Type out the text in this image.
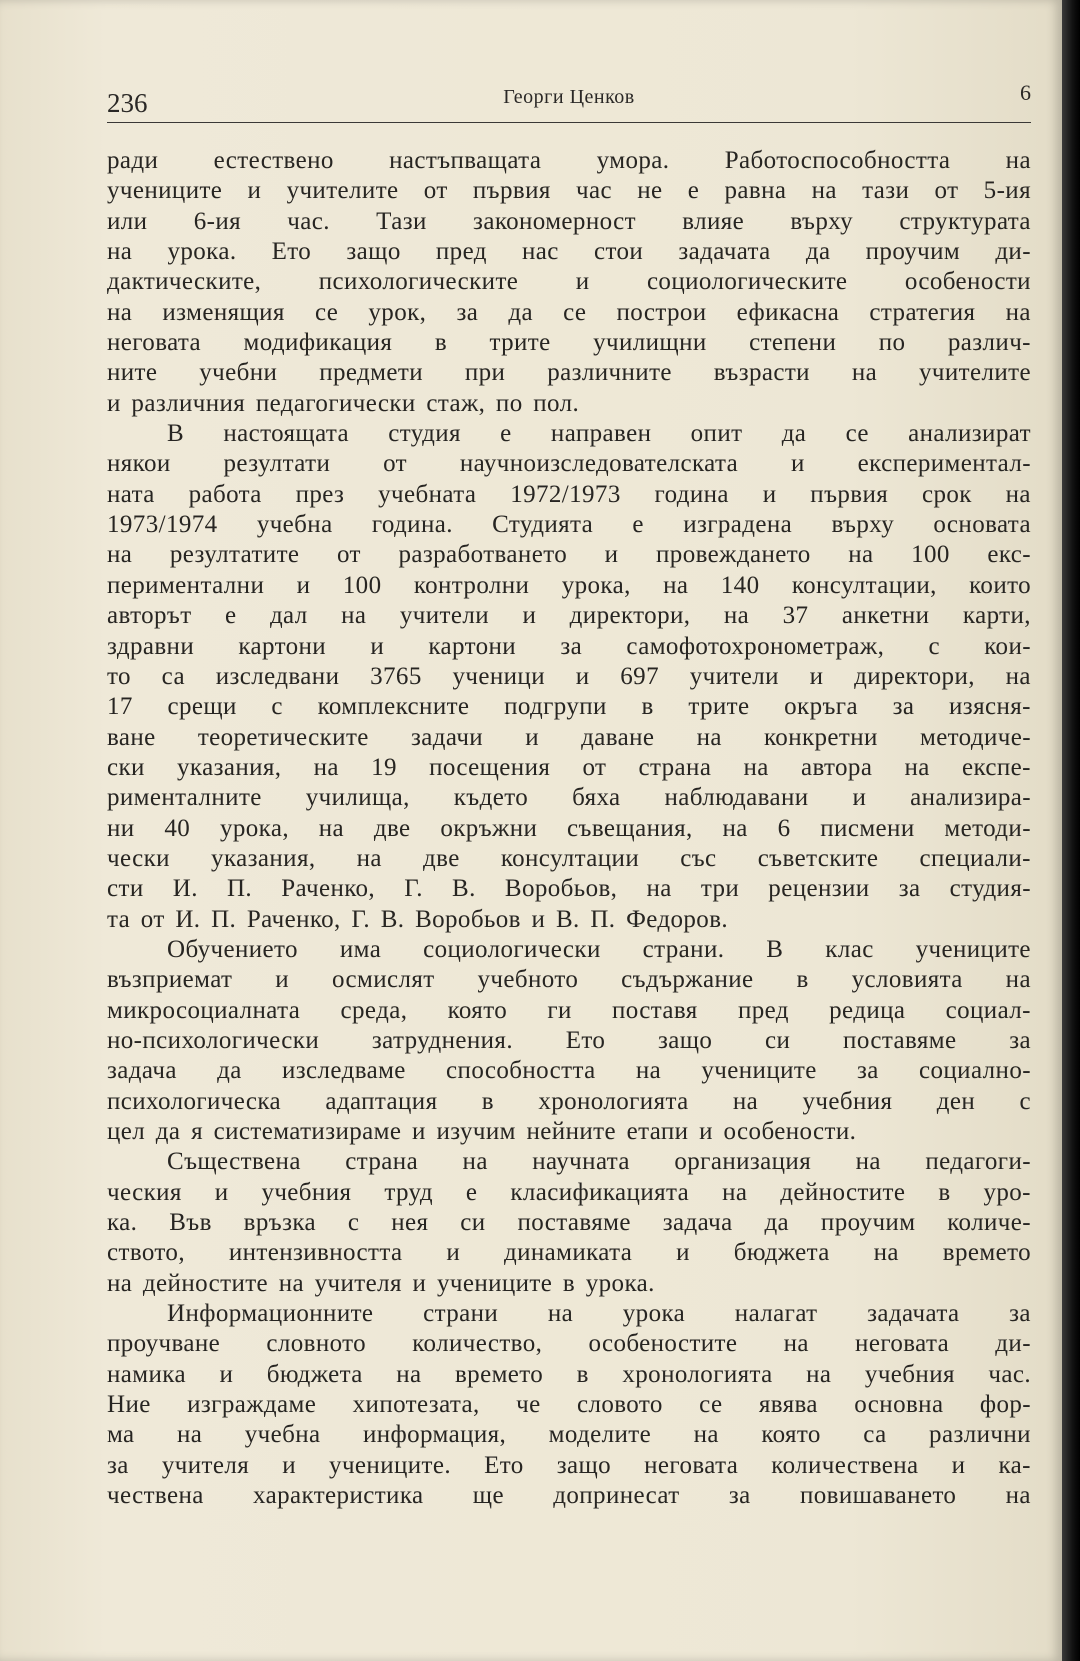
236	Георги Ценков	6
ради естествено настъпващата умора. Работоспособността на
учениците и учителите от първия час не е равна на тази от 5-ия
или 6-ия час. Тази закономерност влияе върху структурата
на урока. Ето защо пред нас стои задачата да проучим ди-
дактическите, психологическите и социологическите особености
на изменящия се урок, за да се построи ефикасна стратегия на
неговата модификация в трите училищни степени по различ-
ните учебни предмети при различните възрасти на учителите
и различния педагогически стаж, по пол.
В настоящата студия е направен опит да се анализират
някои резултати от научноизследователската и експериментал-
ната работа през учебната 1972/1973 година и първия срок на
1973/1974 учебна година. Студията е изградена върху основата
на резултатите от разработването и провеждането на 100 екс-
периментални и 100 контролни урока, на 140 консултации, които
авторът е дал на учители и директори, на 37 анкетни карти,
здравни картони и картони за самофотохронометраж, с кои-
то са изследвани 3765 ученици и 697 учители и директори, на
17 срещи с комплексните подгрупи в трите окръга за изясня-
ване теоретическите задачи и даване на конкретни методиче-
ски указания, на 19 посещения от страна на автора на експе-
рименталните училища, където бяха наблюдавани и анализира-
ни 40 урока, на две окръжни съвещания, на 6 писмени методи-
чески указания, на две консултации със съветските специали-
сти И. П. Раченко, Г. В. Воробьов, на три рецензии за студия-
та от И. П. Раченко, Г. В. Воробьов и В. П. Федоров.
Обучението има социологически страни. В клас учениците
възприемат и осмислят учебното съдържание в условията на
микросоциалната среда, която ги поставя пред редица социал-
но-психологически затруднения. Ето защо си поставяме за
задача да изследваме способността на учениците за социално-
психологическа адаптация в хронологията на учебния ден с
цел да я систематизираме и изучим нейните етапи и особености.
Съществена страна на научната организация на педагоги-
ческия и учебния труд е класификацията на дейностите в уро-
ка. Във връзка с нея си поставяме задача да проучим количе-
ството, интензивността и динамиката и бюджета на времето
на дейностите на учителя и учениците в урока.
Информационните страни на урока налагат задачата за
проучване словното количество, особеностите на неговата ди-
намика и бюджета на времето в хронологията на учебния час.
Ние изграждаме хипотезата, че словото се явява основна фор-
ма на учебна информация, моделите на която са различни
за учителя и учениците. Ето защо неговата количествена и ка-
чествена характеристика ще допринесат за повишаването на
